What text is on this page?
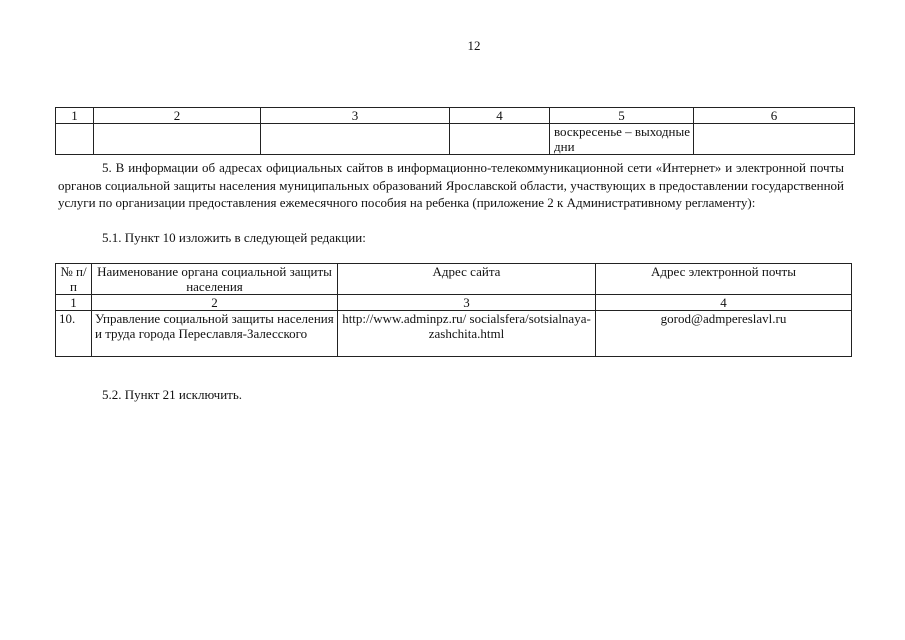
12
1	2	3	4	5	6
				воскресенье – выходные дни	

5. В информации об адресах официальных сайтов в информационно-телекоммуникационной сети «Интернет» и электронной почты органов социальной защиты населения муниципальных образований Ярославской области, участвующих в предоставлении государственной услуги по организации предоставления ежемесячного пособия на ребенка (приложение 2 к Административному регламенту):

5.1. Пункт 10 изложить в следующей редакции:

№ п/п	Наименование органа социальной защиты населения	Адрес сайта	Адрес электронной почты
1	2	3	4
10.	Управление социальной защиты населения и труда города Переславля-Залесского	http://www.adminpz.ru/ socialsfera/sotsialnaya-zashchita.html	gorod@admpereslavl.ru

5.2. Пункт 21 исключить.
